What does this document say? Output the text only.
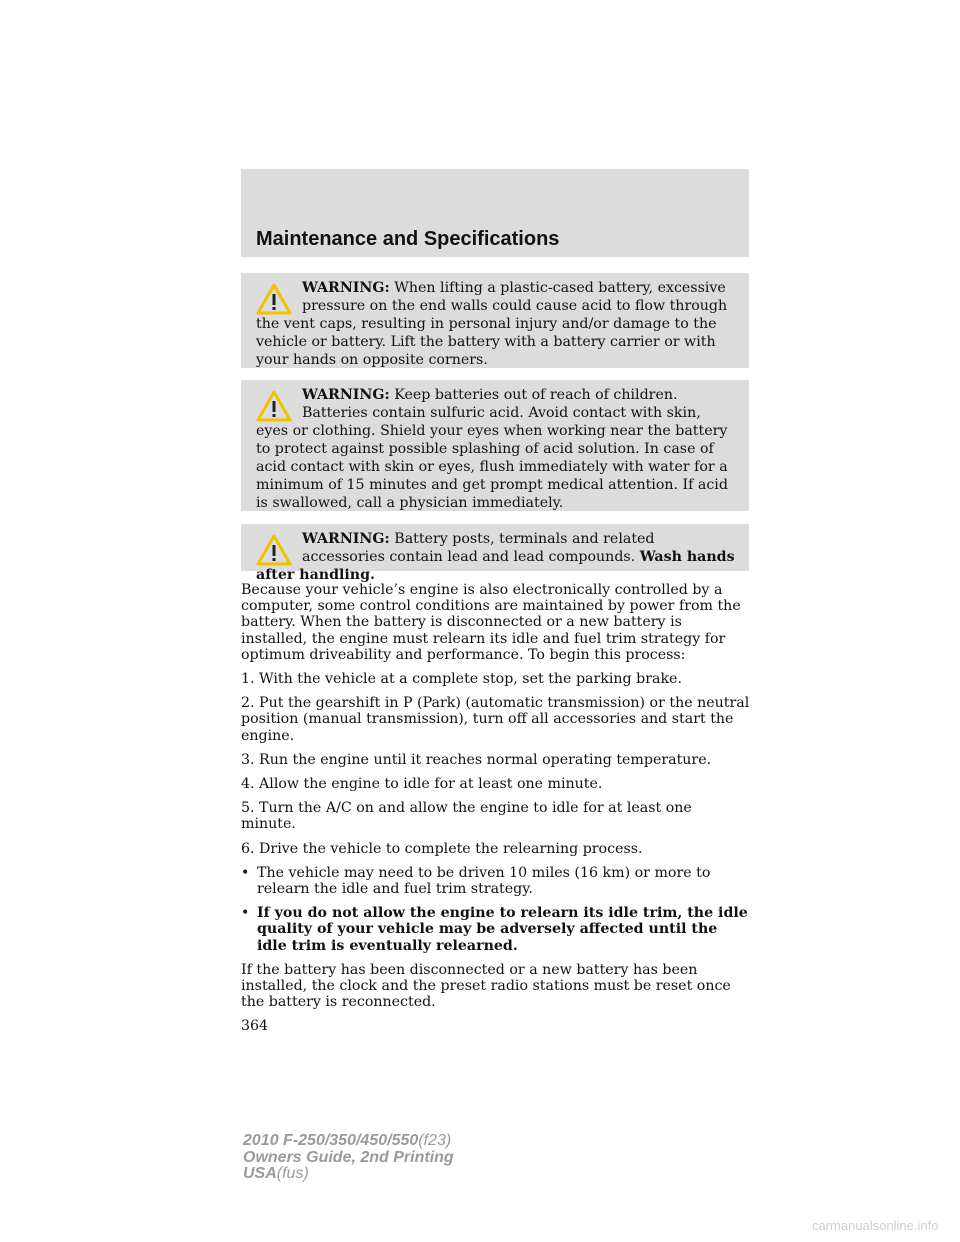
Maintenance and Specifications
WARNING: When lifting a plastic-cased battery, excessive pressure on the end walls could cause acid to flow through the vent caps, resulting in personal injury and/or damage to the vehicle or battery. Lift the battery with a battery carrier or with your hands on opposite corners.
WARNING: Keep batteries out of reach of children. Batteries contain sulfuric acid. Avoid contact with skin, eyes or clothing. Shield your eyes when working near the battery to protect against possible splashing of acid solution. In case of acid contact with skin or eyes, flush immediately with water for a minimum of 15 minutes and get prompt medical attention. If acid is swallowed, call a physician immediately.
WARNING: Battery posts, terminals and related accessories contain lead and lead compounds. Wash hands after handling.

Because your vehicle’s engine is also electronically controlled by a computer, some control conditions are maintained by power from the battery. When the battery is disconnected or a new battery is installed, the engine must relearn its idle and fuel trim strategy for optimum driveability and performance. To begin this process:

1. With the vehicle at a complete stop, set the parking brake.

2. Put the gearshift in P (Park) (automatic transmission) or the neutral position (manual transmission), turn off all accessories and start the engine.

3. Run the engine until it reaches normal operating temperature.

4. Allow the engine to idle for at least one minute.

5. Turn the A/C on and allow the engine to idle for at least one minute.

6. Drive the vehicle to complete the relearning process.

• The vehicle may need to be driven 10 miles (16 km) or more to relearn the idle and fuel trim strategy.
• If you do not allow the engine to relearn its idle trim, the idle quality of your vehicle may be adversely affected until the idle trim is eventually relearned.

If the battery has been disconnected or a new battery has been installed, the clock and the preset radio stations must be reset once the battery is reconnected.

364
2010 F-250/350/450/550(f23)
Owners Guide, 2nd Printing
USA(fus)
carmanualsonline.info
